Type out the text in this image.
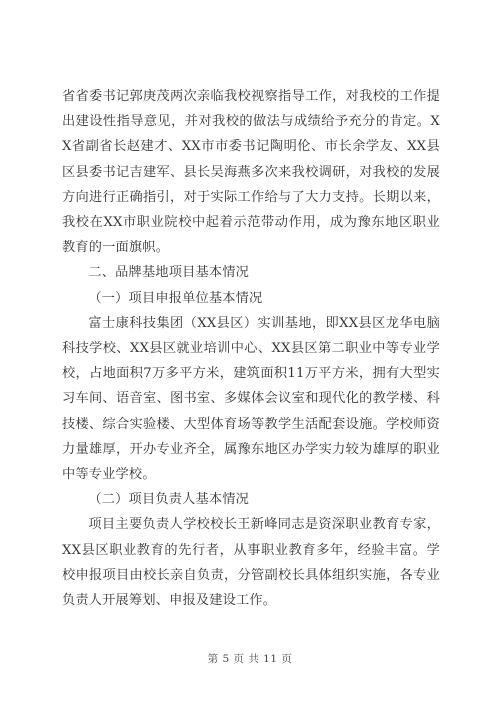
省省委书记郭庚茂两次亲临我校视察指导工作，对我校的工作提出建设性指导意见，并对我校的做法与成绩给予充分的肯定。XX省副省长赵建才、XX市市委书记陶明伦、市长余学友、XX县区县委书记吉建军、县长吴海燕多次来我校调研，对我校的发展方向进行正确指引，对于实际工作给与了大力支持。长期以来，我校在XX市职业院校中起着示范带动作用，成为豫东地区职业教育的一面旗帜。

二、品牌基地项目基本情况

（一）项目申报单位基本情况

富士康科技集团（XX县区）实训基地，即XX县区龙华电脑科技学校、XX县区就业培训中心、XX县区第二职业中等专业学校，占地面积7万多平方米，建筑面积11万平方米，拥有大型实习车间、语音室、图书室、多媒体会议室和现代化的教学楼、科技楼、综合实验楼、大型体育场等教学生活配套设施。学校师资力量雄厚，开办专业齐全，属豫东地区办学实力较为雄厚的职业中等专业学校。

（二）项目负责人基本情况

项目主要负责人学校校长王新峰同志是资深职业教育专家，XX县区职业教育的先行者，从事职业教育多年，经验丰富。学校申报项目由校长亲自负责，分管副校长具体组织实施，各专业负责人开展筹划、申报及建设工作。

第 5 页 共 11 页
